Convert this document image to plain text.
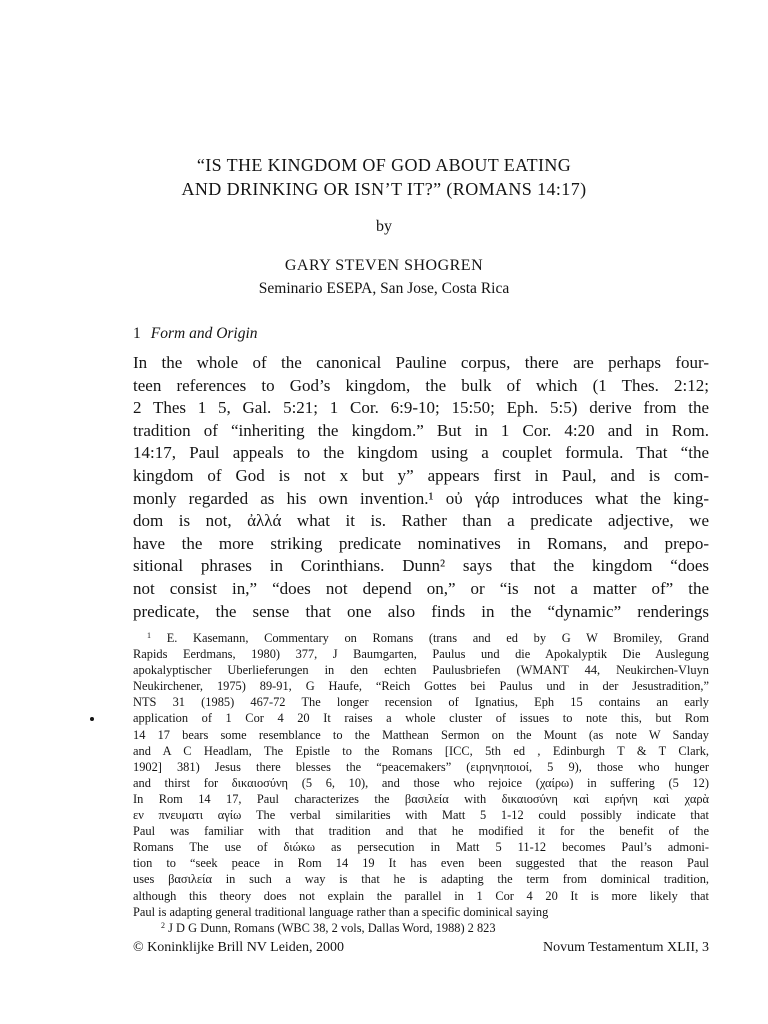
“IS THE KINGDOM OF GOD ABOUT EATING
AND DRINKING OR ISN’T IT?” (ROMANS 14:17)
by
GARY STEVEN SHOGREN
Seminario ESEPA, San Jose, Costa Rica
1 Form and Origin
In the whole of the canonical Pauline corpus, there are perhaps four-
teen references to God’s kingdom, the bulk of which (1 Thes. 2:12;
2 Thes 1 5, Gal. 5:21; 1 Cor. 6:9-10; 15:50; Eph. 5:5) derive from the
tradition of “inheriting the kingdom.” But in 1 Cor. 4:20 and in Rom.
14:17, Paul appeals to the kingdom using a couplet formula. That “the
kingdom of God is not x but y” appears first in Paul, and is com-
monly regarded as his own invention.¹ οὐ γάρ introduces what the king-
dom is not, ἀλλά what it is. Rather than a predicate adjective, we
have the more striking predicate nominatives in Romans, and prepo-
sitional phrases in Corinthians. Dunn² says that the kingdom “does
not consist in,” “does not depend on,” or “is not a matter of” the
predicate, the sense that one also finds in the “dynamic” renderings
$^1$ E. Kasemann, Commentary on Romans (trans and ed by G W Bromiley, Grand
Rapids Eerdmans, 1980) 377, J Baumgarten, Paulus und die Apokalyptik Die Auslegung
apokalyptischer Uberlieferungen in den echten Paulusbriefen (WMANT 44, Neukirchen-Vluyn
Neukirchener, 1975) 89-91, G Haufe, “Reich Gottes bei Paulus und in der Jesustradition,”
NTS 31 (1985) 467-72 The longer recension of Ignatius, Eph 15 contains an early
application of 1 Cor 4 20 It raises a whole cluster of issues to note this, but Rom
14 17 bears some resemblance to the Matthean Sermon on the Mount (as note W Sanday
and A C Headlam, The Epistle to the Romans [ICC, 5th ed , Edinburgh T & T Clark,
1902] 381) Jesus there blesses the “peacemakers” (ειρηνηποιοί, 5 9), those who hunger
and thirst for δικαιοσύνη (5 6, 10), and those who rejoice (χαίρω) in suffering (5 12)
In Rom 14 17, Paul characterizes the βασιλεία with δικαιοσύνη καὶ ειρήνη καὶ χαρὰ
εν πνευματι αγίω The verbal similarities with Matt 5 1-12 could possibly indicate that
Paul was familiar with that tradition and that he modified it for the benefit of the
Romans The use of διώκω as persecution in Matt 5 11-12 becomes Paul’s admoni-
tion to “seek peace in Rom 14 19 It has even been suggested that the reason Paul
uses βασιλεία in such a way is that he is adapting the term from dominical tradition,
although this theory does not explain the parallel in 1 Cor 4 20 It is more likely that
Paul is adapting general traditional language rather than a specific dominical saying
$^2$ J D G Dunn, Romans (WBC 38, 2 vols, Dallas Word, 1988) 2 823
© Koninklijke Brill NV Leiden, 2000	Novum Testamentum XLII, 3
